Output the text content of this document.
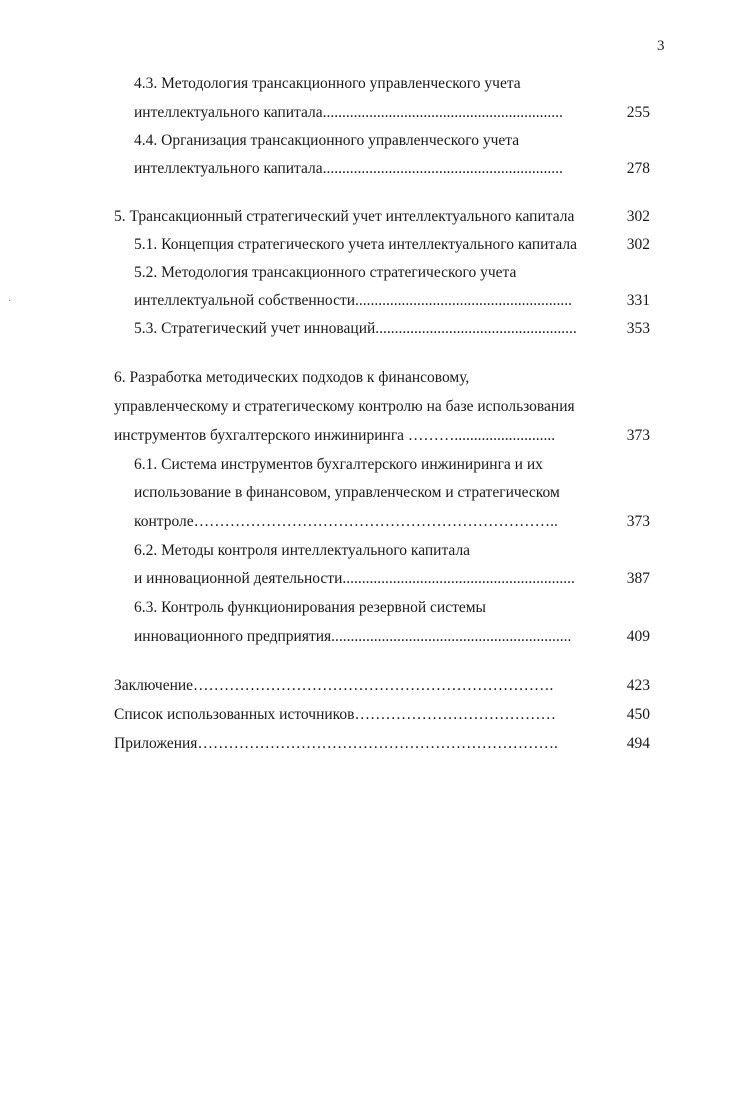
3
·
4.3. Методология трансакционного управленческого учета
интеллектуального капитала..............................................................	255
4.4. Организация трансакционного управленческого учета
интеллектуального капитала..............................................................	278
5. Трансакционный стратегический учет интеллектуального капитала	302
5.1. Концепция стратегического учета интеллектуального капитала	302
5.2. Методология трансакционного стратегического учета
интеллектуальной собственности........................................................	331
5.3. Стратегический учет инноваций....................................................	353
6. Разработка методических подходов к финансовому,
управленческому и стратегическому контролю на базе использования
инструментов бухгалтерского инжиниринга ………..........................	373
6.1. Система инструментов бухгалтерского инжиниринга и их
использование в финансовом, управленческом и стратегическом
контроле……………………………………………………………..	373
6.2. Методы контроля интеллектуального капитала
и инновационной деятельности............................................................	387
6.3. Контроль функционирования резервной системы
инновационного предприятия..............................................................	409
Заключение…………………………………………………………….	423
Список использованных источников…………………………………	450
Приложения…………………………………………………………….	494
